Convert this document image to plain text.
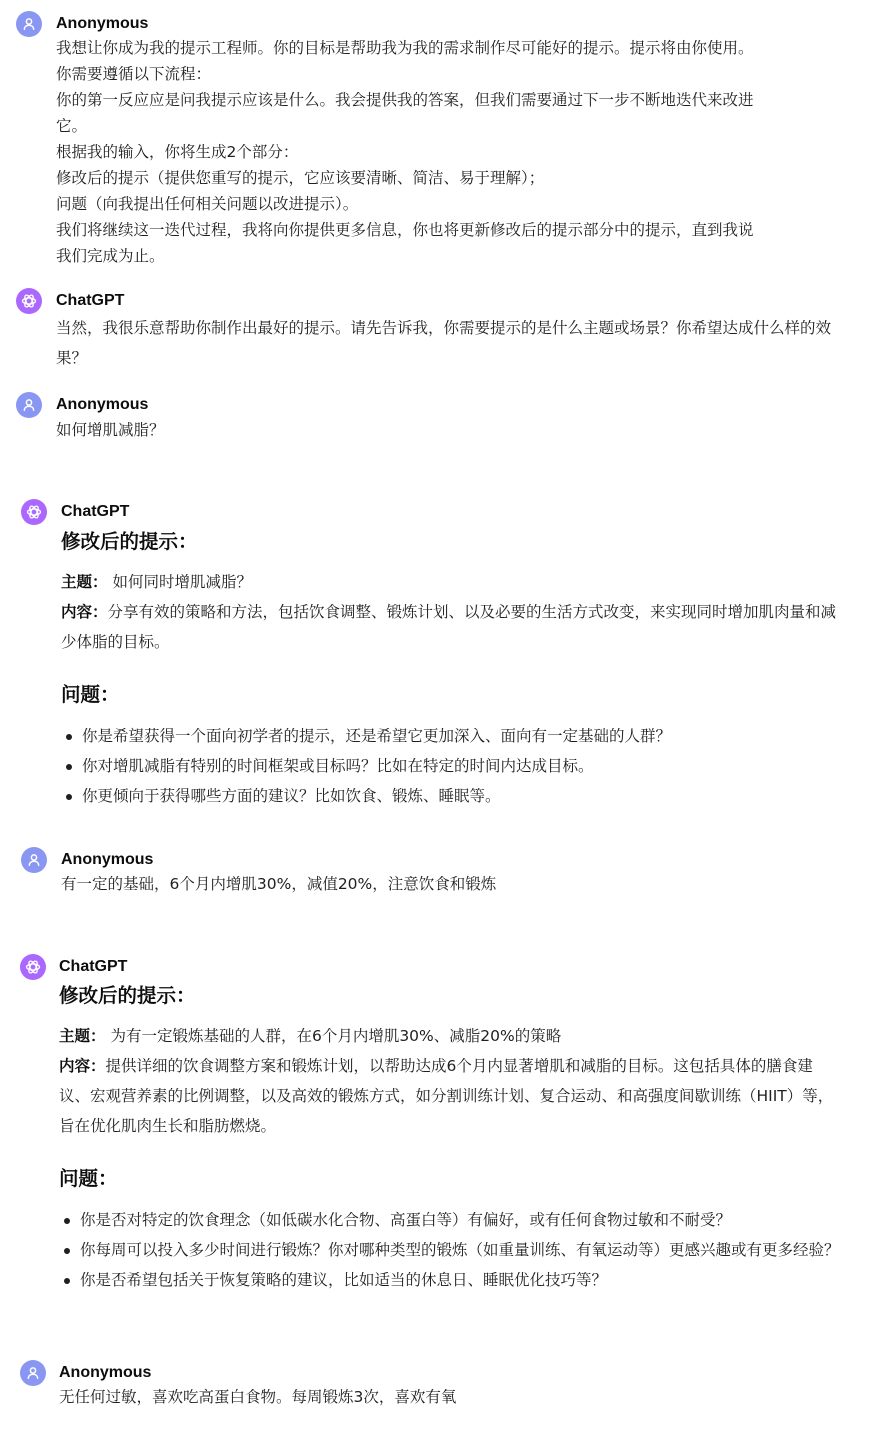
Anonymous
我想让你成为我的提示工程师。你的目标是帮助我为我的需求制作尽可能好的提示。提示将由你使用。
你需要遵循以下流程：
你的第一反应应是问我提示应该是什么。我会提供我的答案，但我们需要通过下一步不断地迭代来改进
它。
根据我的输入，你将生成2个部分：
修改后的提示（提供您重写的提示，它应该要清晰、简洁、易于理解）；
问题（向我提出任何相关问题以改进提示）。
我们将继续这一迭代过程，我将向你提供更多信息，你也将更新修改后的提示部分中的提示，直到我说
我们完成为止。
ChatGPT
当然，我很乐意帮助你制作出最好的提示。请先告诉我，你需要提示的是什么主题或场景？你希望达成什么样的效果？
Anonymous
如何增肌减脂？
ChatGPT
修改后的提示：
主题： 如何同时增肌减脂？
内容：分享有效的策略和方法，包括饮食调整、锻炼计划、以及必要的生活方式改变，来实现同时增加肌肉量和减少体脂的目标。
问题：
你是希望获得一个面向初学者的提示，还是希望它更加深入、面向有一定基础的人群？
你对增肌减脂有特别的时间框架或目标吗？比如在特定的时间内达成目标。
你更倾向于获得哪些方面的建议？比如饮食、锻炼、睡眠等。
Anonymous
有一定的基础，6个月内增肌30%，减值20%，注意饮食和锻炼
ChatGPT
修改后的提示：
主题： 为有一定锻炼基础的人群，在6个月内增肌30%、减脂20%的策略
内容：提供详细的饮食调整方案和锻炼计划，以帮助达成6个月内显著增肌和减脂的目标。这包括具体的膳食建议、宏观营养素的比例调整，以及高效的锻炼方式，如分割训练计划、复合运动、和高强度间歇训练（HIIT）等，旨在优化肌肉生长和脂肪燃烧。
问题：
你是否对特定的饮食理念（如低碳水化合物、高蛋白等）有偏好，或有任何食物过敏和不耐受？
你每周可以投入多少时间进行锻炼？你对哪种类型的锻炼（如重量训练、有氧运动等）更感兴趣或有更多经验？
你是否希望包括关于恢复策略的建议，比如适当的休息日、睡眠优化技巧等？
Anonymous
无任何过敏，喜欢吃高蛋白食物。每周锻炼3次，喜欢有氧
